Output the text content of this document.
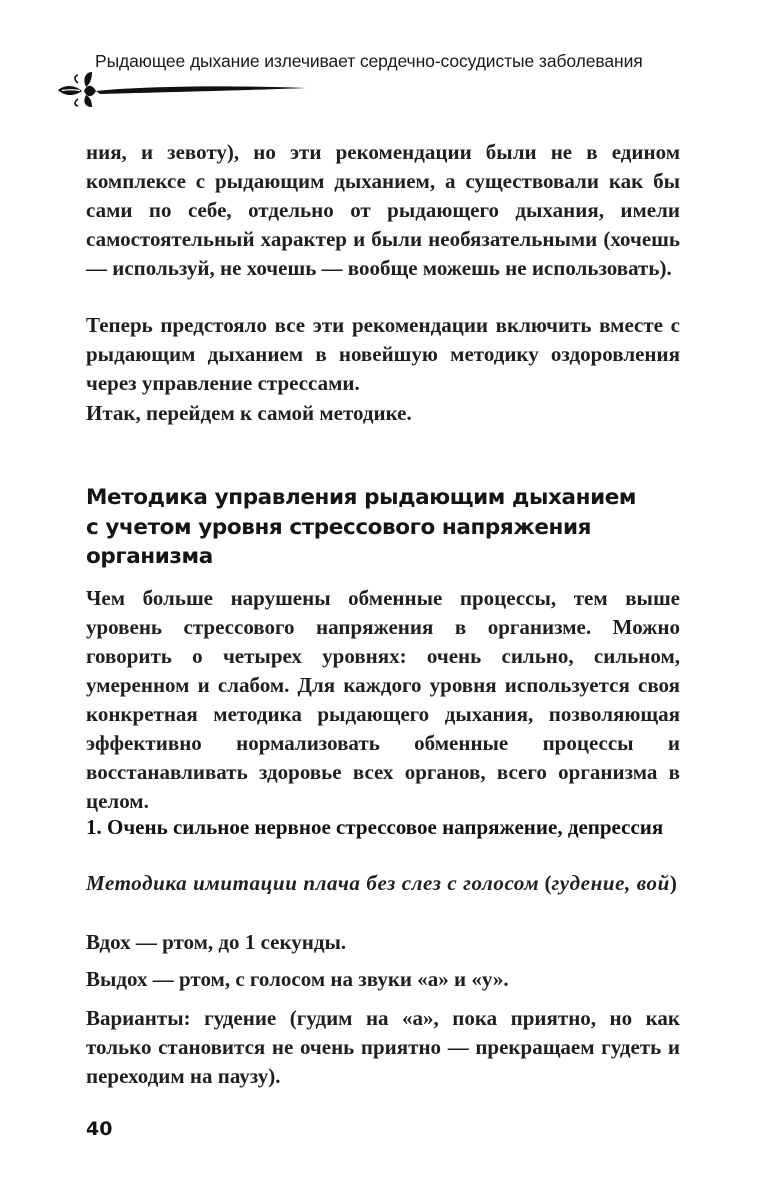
Рыдающее дыхание излечивает сердечно-сосудистые заболевания

ния, и зевоту), но эти рекомендации были не в едином комплексе с рыдающим дыханием, а существовали как бы сами по себе, отдельно от рыдающего дыхания, имели самостоятельный характер и были необязательными (хочешь — используй, не хочешь — вообще можешь не использовать).

Теперь предстояло все эти рекомендации включить вместе с рыдающим дыханием в новейшую методику оздоровления через управление стрессами.

Итак, перейдем к самой методике.

Методика управления рыдающим дыханием
с учетом уровня стрессового напряжения
организма

Чем больше нарушены обменные процессы, тем выше уровень стрессового напряжения в организме. Можно говорить о четырех уровнях: очень сильно, сильном, умеренном и слабом. Для каждого уровня используется своя конкретная методика рыдающего дыхания, позволяющая эффективно нормализовать обменные процессы и восстанавливать здоровье всех органов, всего организма в целом.

1. Очень сильное нервное стрессовое напряжение, депрессия
Методика имитации плача без слез с голосом (гудение, вой)

Вдох — ртом, до 1 секунды.

Выдох — ртом, с голосом на звуки «а» и «у».

Варианты: гудение (гудим на «а», пока приятно, но как только становится не очень приятно — прекращаем гудеть и переходим на паузу).

40
